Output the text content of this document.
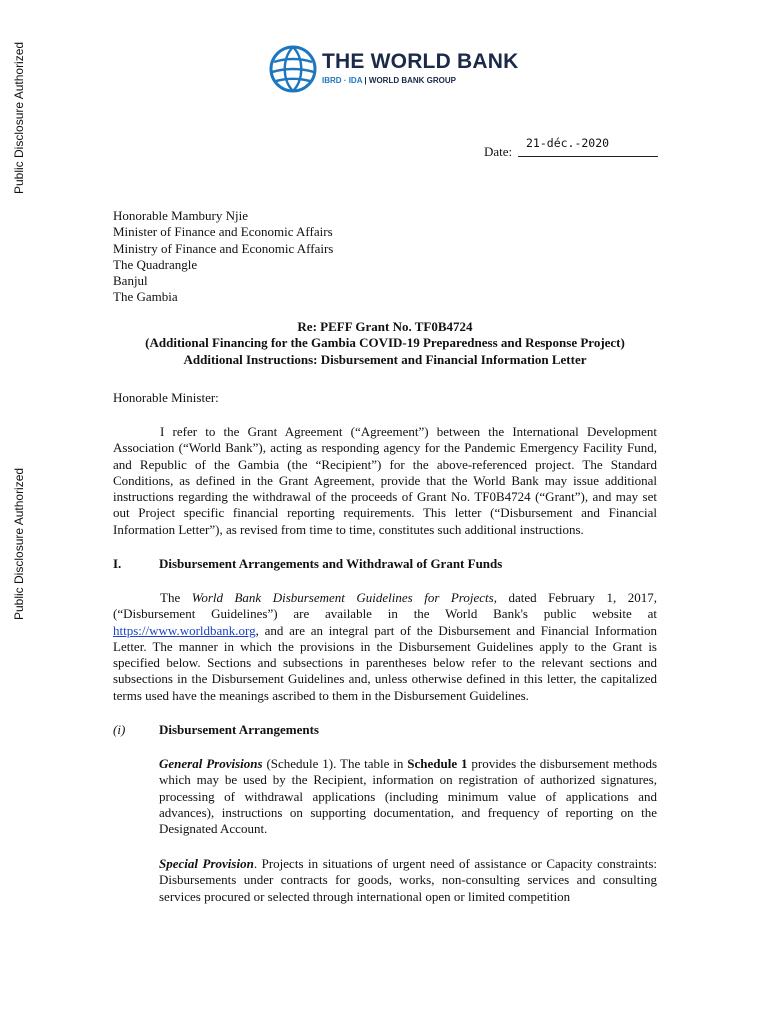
Public Disclosure Authorized
Public Disclosure Authorized
THE WORLD BANK
IBRD · IDA | WORLD BANK GROUP
Date:
21-déc.-2020
Honorable Mambury Njie
Minister of Finance and Economic Affairs
Ministry of Finance and Economic Affairs
The Quadrangle
Banjul
The Gambia
Re: PEFF Grant No. TF0B4724
(Additional Financing for the Gambia COVID-19 Preparedness and Response Project)
Additional Instructions: Disbursement and Financial Information Letter
Honorable Minister:
I refer to the Grant Agreement (“Agreement”) between the International Development Association (“World Bank”), acting as responding agency for the Pandemic Emergency Facility Fund, and Republic of the Gambia (the “Recipient”) for the above-referenced project. The Standard Conditions, as defined in the Grant Agreement, provide that the World Bank may issue additional instructions regarding the withdrawal of the proceeds of Grant No. TF0B4724 (“Grant”), and may set out Project specific financial reporting requirements. This letter (“Disbursement and Financial Information Letter”), as revised from time to time, constitutes such additional instructions.
I.	Disbursement Arrangements and Withdrawal of Grant Funds
The World Bank Disbursement Guidelines for Projects, dated February 1, 2017, (“Disbursement Guidelines”) are available in the World Bank's public website at https://www.worldbank.org, and are an integral part of the Disbursement and Financial Information Letter. The manner in which the provisions in the Disbursement Guidelines apply to the Grant is specified below. Sections and subsections in parentheses below refer to the relevant sections and subsections in the Disbursement Guidelines and, unless otherwise defined in this letter, the capitalized terms used have the meanings ascribed to them in the Disbursement Guidelines.
(i)	Disbursement Arrangements
General Provisions (Schedule 1). The table in Schedule 1 provides the disbursement methods which may be used by the Recipient, information on registration of authorized signatures, processing of withdrawal applications (including minimum value of applications and advances), instructions on supporting documentation, and frequency of reporting on the Designated Account.
Special Provision. Projects in situations of urgent need of assistance or Capacity constraints: Disbursements under contracts for goods, works, non-consulting services and consulting services procured or selected through international open or limited competition
